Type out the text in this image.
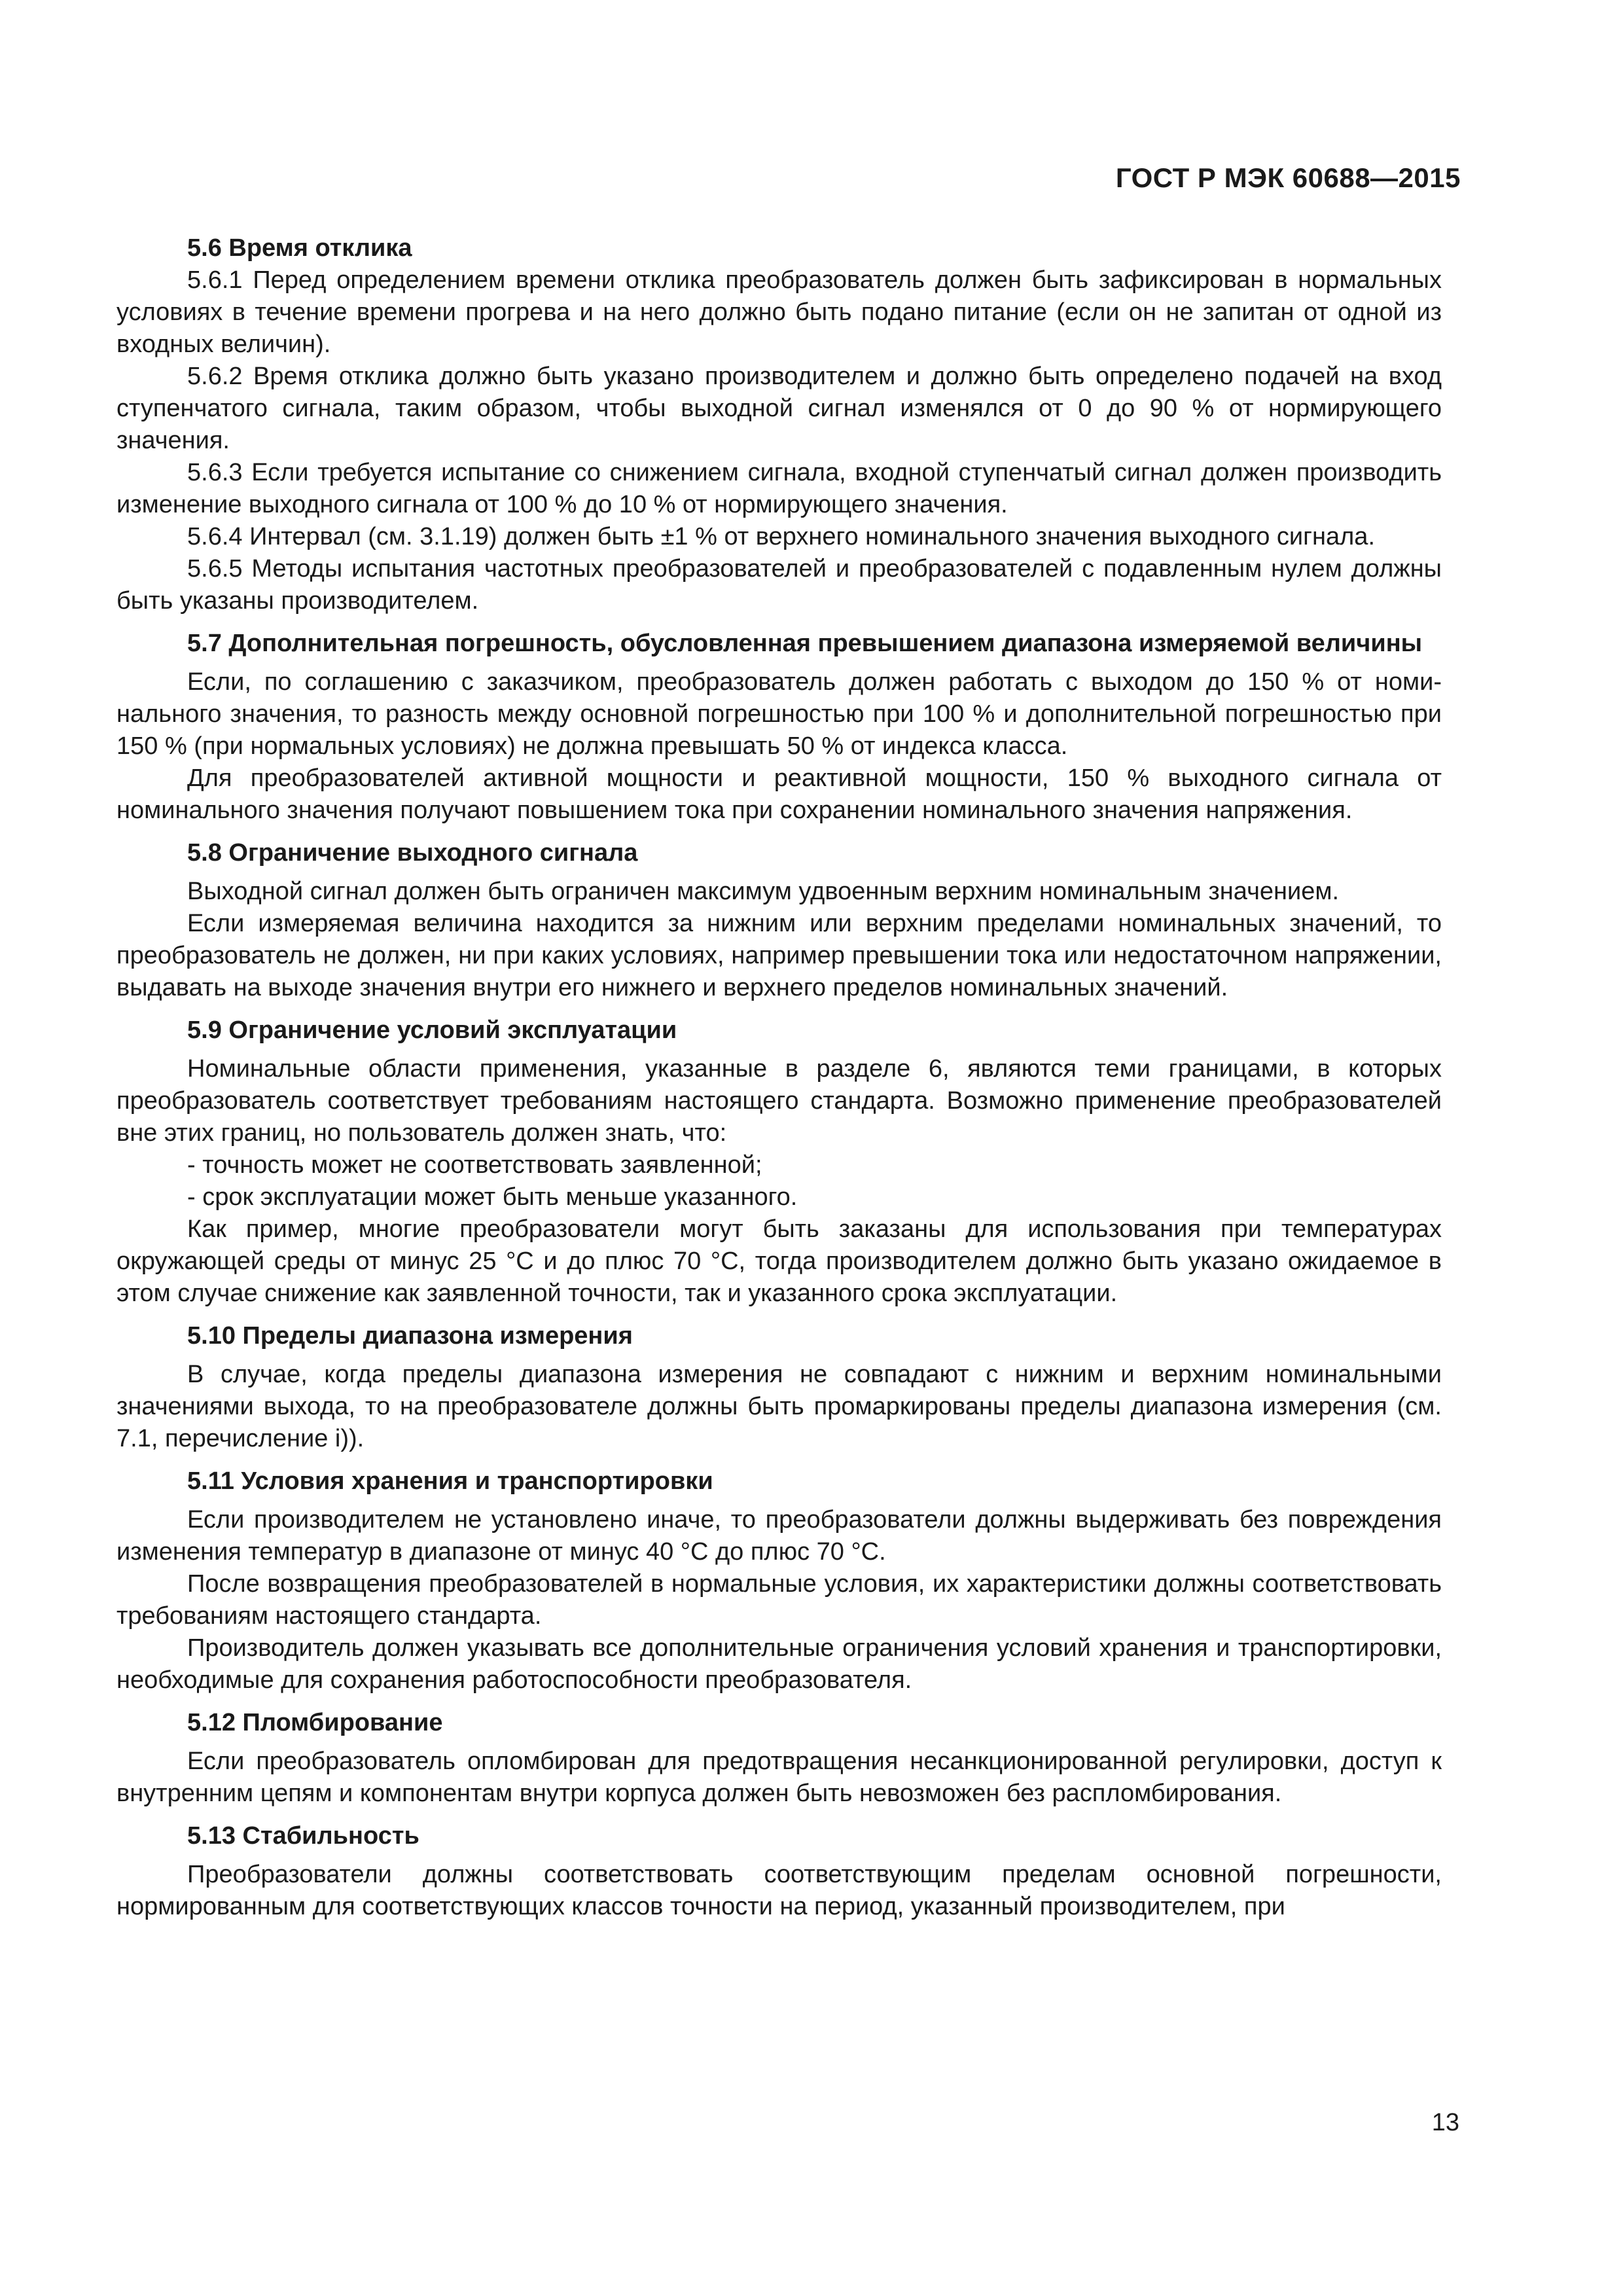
ГОСТ Р МЭК 60688—2015
5.6 Время отклика

5.6.1 Перед определением времени отклика преобразователь должен быть зафиксирован в нормальных условиях в течение времени прогрева и на него должно быть подано питание (если он не запитан от одной из входных величин).

5.6.2 Время отклика должно быть указано производителем и должно быть определено подачей на вход ступенчатого сигнала, таким образом, чтобы выходной сигнал изменялся от 0 до 90 % от нормирующего значения.

5.6.3 Если требуется испытание со снижением сигнала, входной ступенчатый сигнал должен производить изменение выходного сигнала от 100 % до 10 % от нормирующего значения.

5.6.4 Интервал (см. 3.1.19) должен быть ±1 % от верхнего номинального значения выходного сигнала.

5.6.5 Методы испытания частотных преобразователей и преобразователей с подавленным нулем должны быть указаны производителем.

5.7 Дополнительная погрешность, обусловленная превышением диапазона измеряемой величины

Если, по соглашению с заказчиком, преобразователь должен работать с выходом до 150 % от номинального значения, то разность между основной погрешностью при 100 % и дополнительной погрешностью при 150 % (при нормальных условиях) не должна превышать 50 % от индекса класса.

Для преобразователей активной мощности и реактивной мощности, 150 % выходного сигнала от номинального значения получают повышением тока при сохранении номинального значения напряжения.

5.8 Ограничение выходного сигнала

Выходной сигнал должен быть ограничен максимум удвоенным верхним номинальным значением.

Если измеряемая величина находится за нижним или верхним пределами номинальных значений, то преобразователь не должен, ни при каких условиях, например превышении тока или недостаточном напряжении, выдавать на выходе значения внутри его нижнего и верхнего пределов номинальных значений.

5.9 Ограничение условий эксплуатации

Номинальные области применения, указанные в разделе 6, являются теми границами, в которых преобразователь соответствует требованиям настоящего стандарта. Возможно применение преобразователей вне этих границ, но пользователь должен знать, что:

- точность может не соответствовать заявленной;

- срок эксплуатации может быть меньше указанного.

Как пример, многие преобразователи могут быть заказаны для использования при температурах окружающей среды от минус 25 °С и до плюс 70 °С, тогда производителем должно быть указано ожидаемое в этом случае снижение как заявленной точности, так и указанного срока эксплуатации.

5.10 Пределы диапазона измерения

В случае, когда пределы диапазона измерения не совпадают с нижним и верхним номинальными значениями выхода, то на преобразователе должны быть промаркированы пределы диапазона измерения (см. 7.1, перечисление i)).

5.11 Условия хранения и транспортировки

Если производителем не установлено иначе, то преобразователи должны выдерживать без повреждения изменения температур в диапазоне от минус 40 °С до плюс 70 °С.

После возвращения преобразователей в нормальные условия, их характеристики должны соответствовать требованиям настоящего стандарта.

Производитель должен указывать все дополнительные ограничения условий хранения и транспортировки, необходимые для сохранения работоспособности преобразователя.

5.12 Пломбирование

Если преобразователь опломбирован для предотвращения несанкционированной регулировки, доступ к внутренним цепям и компонентам внутри корпуса должен быть невозможен без распломбирования.

5.13 Стабильность

Преобразователи должны соответствовать соответствующим пределам основной погрешности, нормированным для соответствующих классов точности на период, указанный производителем, при

13
